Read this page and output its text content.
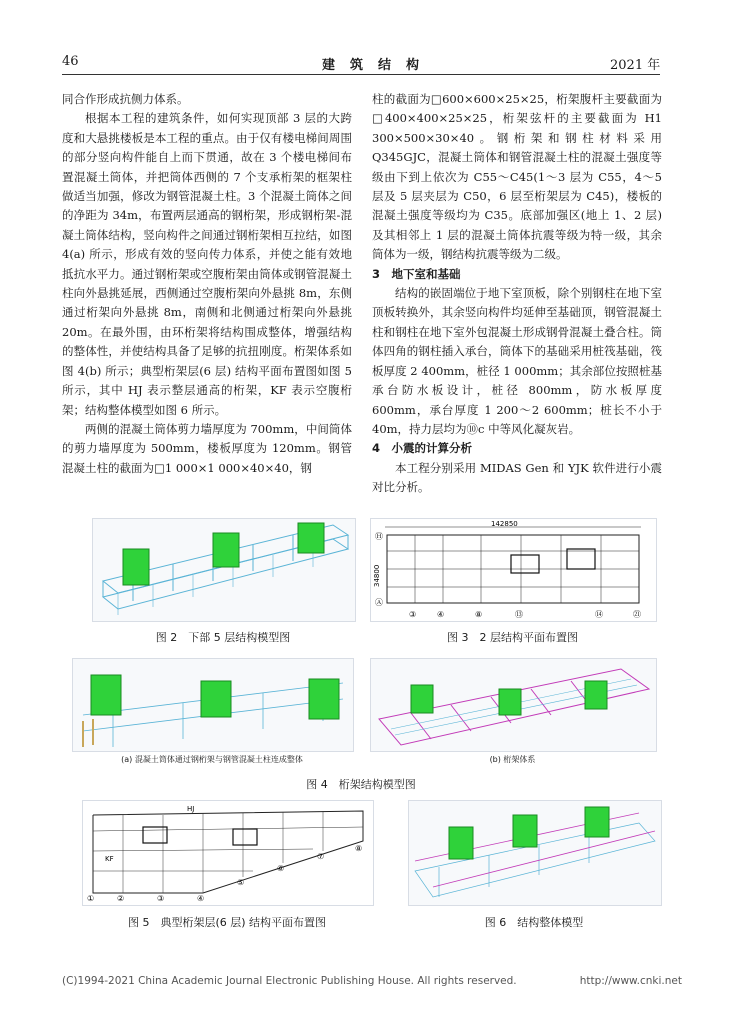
46	建　筑　结　构	2021 年

同合作形成抗侧力体系。

根据本工程的建筑条件，如何实现顶部 3 层的大跨度和大悬挑楼板是本工程的重点。由于仅有楼电梯间周围的部分竖向构件能自上而下贯通，故在 3 个楼电梯间布置混凝土筒体，并把筒体西侧的 7 个支承桁架的框架柱做适当加强，修改为钢管混凝土柱。3 个混凝土筒体之间的净距为 34m，布置两层通高的钢桁架，形成钢桁架-混凝土筒体结构，竖向构件之间通过钢桁架相互拉结，如图 4(a) 所示，形成有效的竖向传力体系，并使之能有效地抵抗水平力。通过钢桁架或空腹桁架由筒体或钢管混凝土柱向外悬挑延展，西侧通过空腹桁架向外悬挑 8m，东侧通过桁架向外悬挑 8m，南侧和北侧通过桁架向外悬挑 20m。在最外围，由环桁架将结构围成整体，增强结构的整体性，并使结构具备了足够的抗扭刚度。桁架体系如图 4(b) 所示；典型桁架层(6 层) 结构平面布置图如图 5 所示，其中 HJ 表示整层通高的桁架，KF 表示空腹桁架；结构整体模型如图 6 所示。

两侧的混凝土筒体剪力墙厚度为 700mm，中间筒体的剪力墙厚度为 500mm，楼板厚度为 120mm。钢管混凝土柱的截面为□1 000×1 000×40×40，钢

柱的截面为□600×600×25×25，桁架腹杆主要截面为□400×400×25×25，桁架弦杆的主要截面为 H1 300×500×30×40。钢桁架和钢柱材料采用 Q345GJC，混凝土筒体和钢管混凝土柱的混凝土强度等级由下到上依次为 C55～C45(1～3 层为 C55，4～5 层及 5 层夹层为 C50，6 层至桁架层为 C45)，楼板的混凝土强度等级均为 C35。底部加强区(地上 1、2 层) 及其相邻上 1 层的混凝土筒体抗震等级为特一级，其余筒体为一级，钢结构抗震等级为二级。

3　地下室和基础

结构的嵌固端位于地下室顶板，除个别钢柱在地下室顶板转换外，其余竖向构件均延伸至基础顶，钢管混凝土柱和钢柱在地下室外包混凝土形成钢骨混凝土叠合柱。筒体四角的钢柱插入承台，筒体下的基础采用桩筏基础，筏板厚度 2 400mm，桩径 1 000mm；其余部位按照桩基承台防水板设计，桩径 800mm，防水板厚度 600mm，承台厚度 1 200～2 600mm；桩长不小于 40m，持力层均为⑩c 中等风化凝灰岩。

4　小震的计算分析

本工程分别采用 MIDAS Gen 和 YJK 软件进行小震对比分析。

图 2　下部 5 层结构模型图
142850
34800
Ⓗ
Ⓐ
③	④	⑧	⑬	⑭	㉑
图 3　2 层结构平面布置图
(a) 混凝土筒体通过钢桁架与钢管混凝土柱连成整体	(b) 桁架体系
图 4　桁架结构模型图
HJ
KF
①	②	③	④
⑤
⑥
⑦
⑧
图 5　典型桁架层(6 层) 结构平面布置图	图 6　结构整体模型
(C)1994-2021 China Academic Journal Electronic Publishing House. All rights reserved.	http://www.cnki.net
